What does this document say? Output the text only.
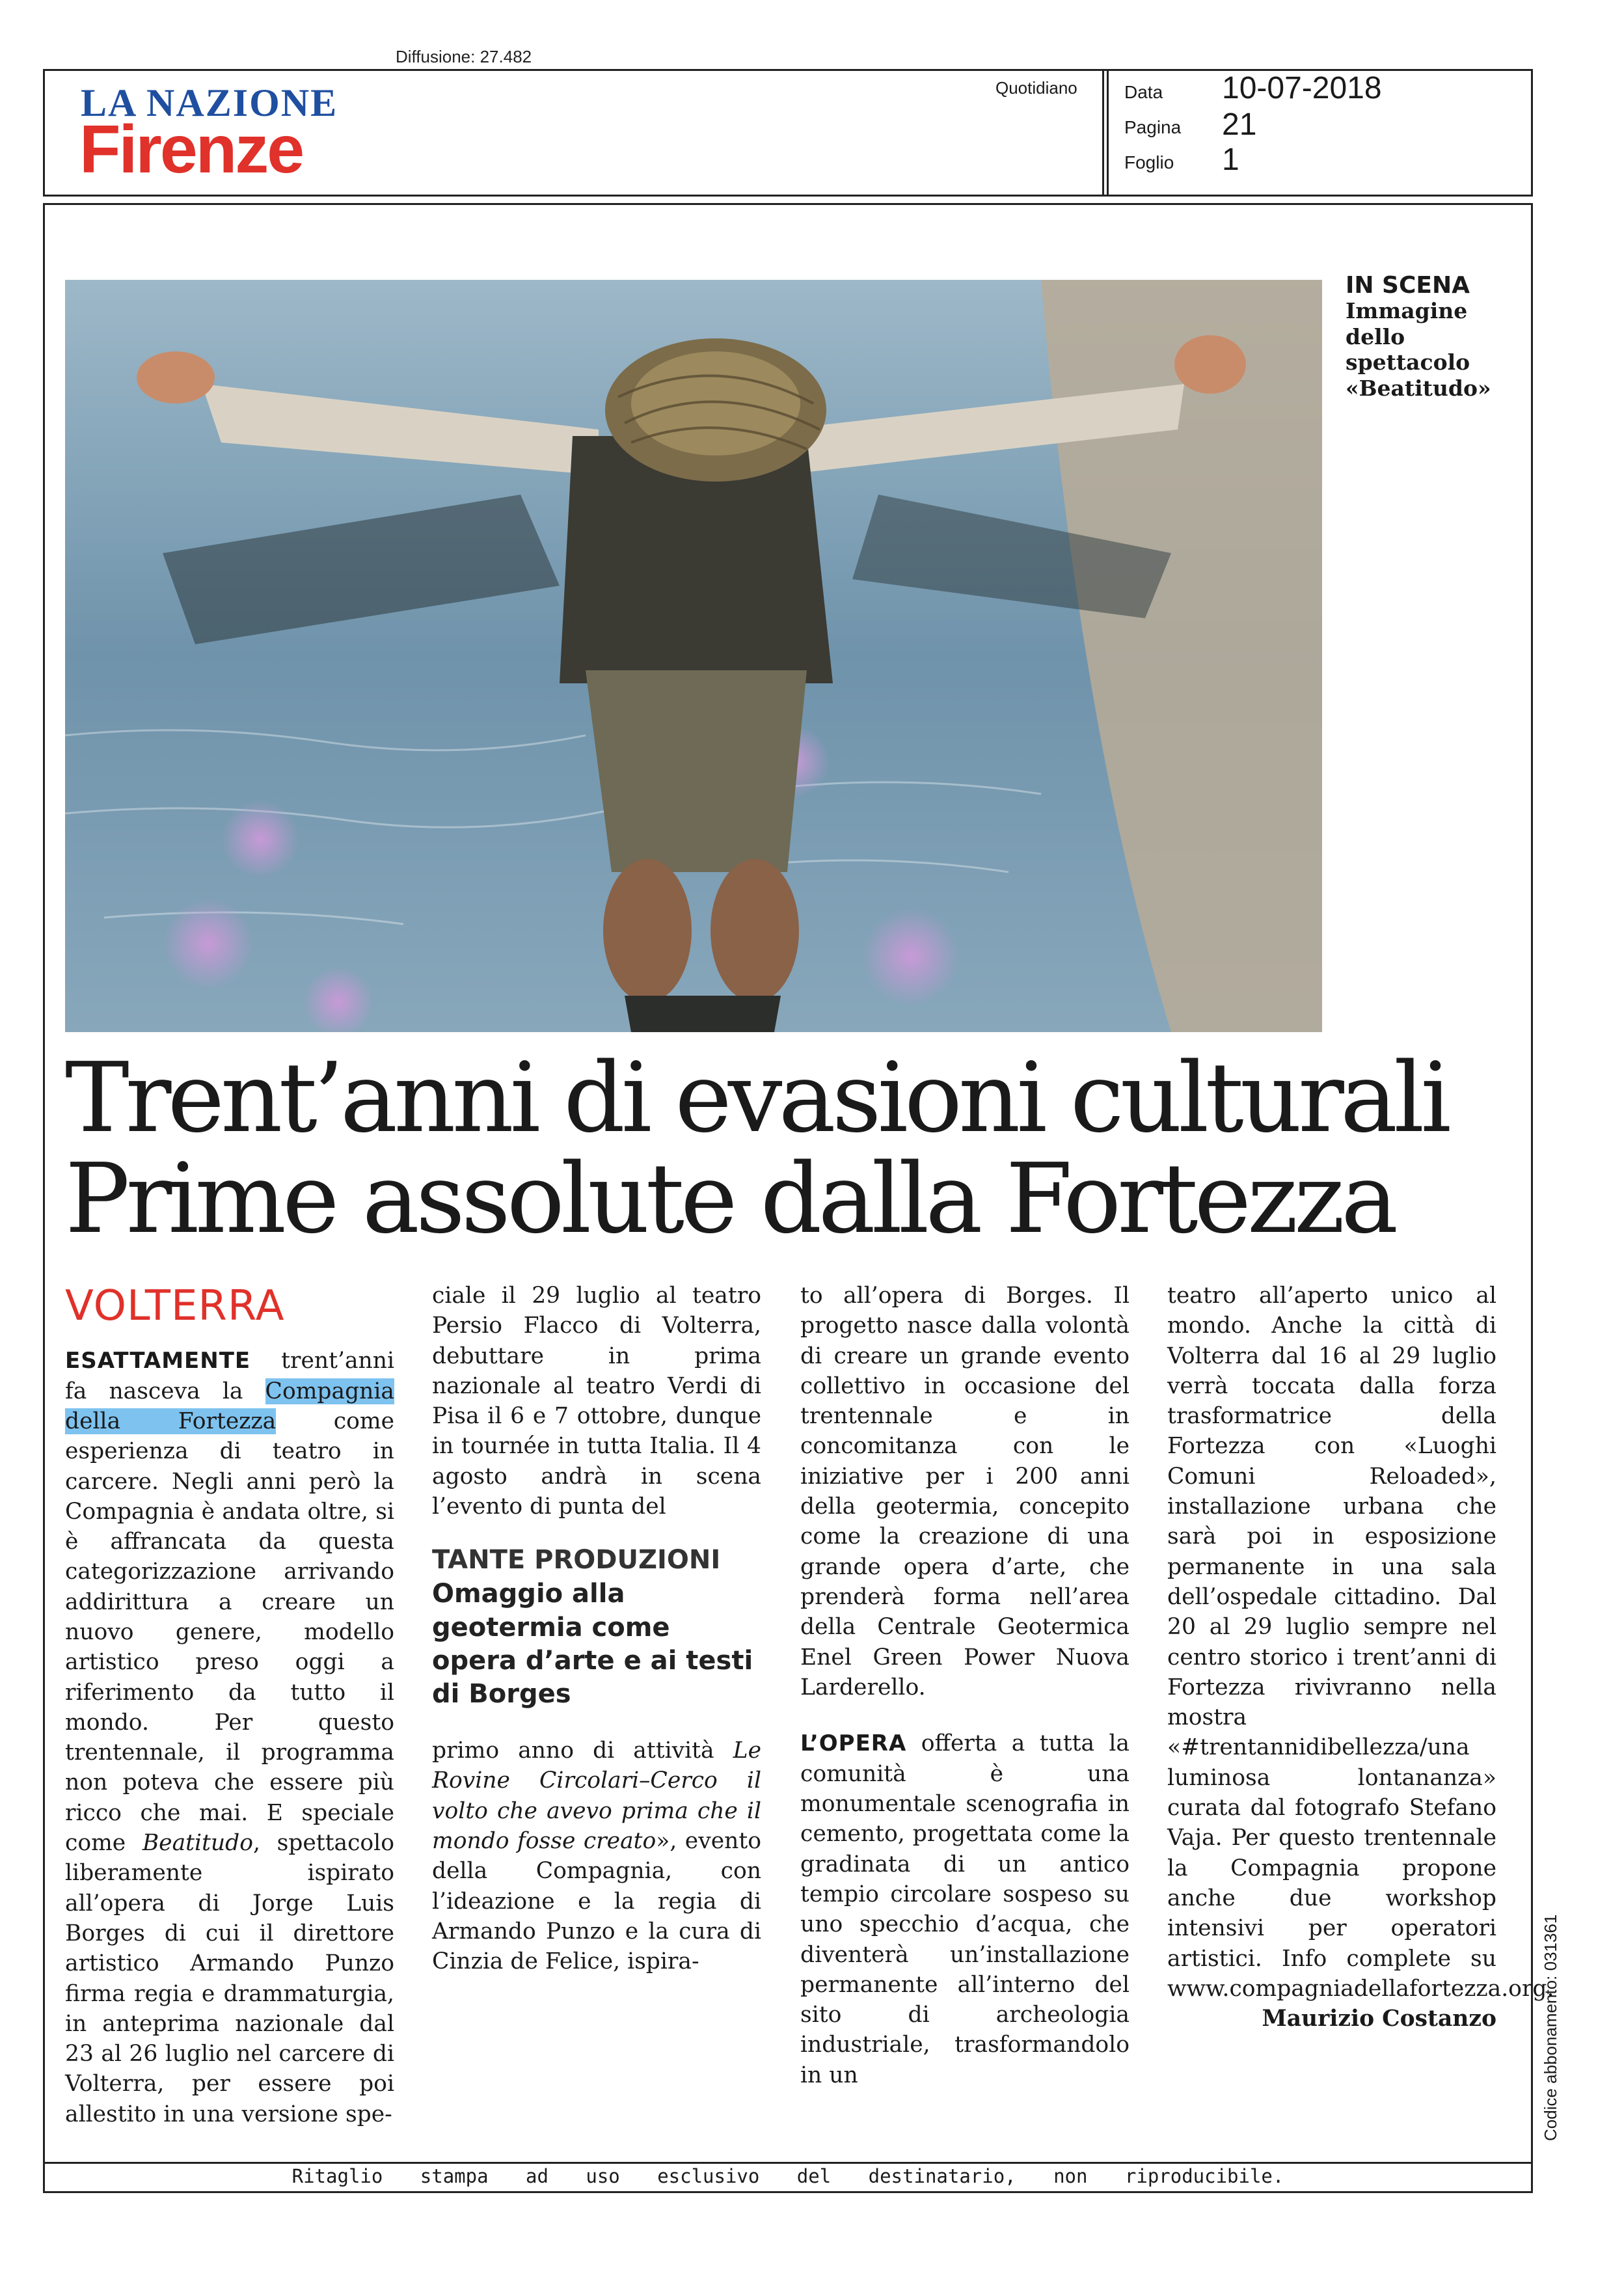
Diffusione: 27.482
LA NAZIONE
Firenze
Quotidiano	Data 10-07-2018
Pagina 21
Foglio 1
IN SCENA
Immagine dello spettacolo «Beatitudo»
Trent’anni di evasioni culturali
Prime assolute dalla Fortezza
VOLTERRA

ESATTAMENTE trent’anni fa nasceva la Compagnia della Fortezza come esperienza di teatro in carcere. Negli anni però la Compagnia è andata oltre, si è affrancata da questa categorizzazione arrivando addirittura a creare un nuovo genere, modello artistico preso oggi a riferimento da tutto il mondo. Per questo trentennale, il programma non poteva che essere più ricco che mai. E speciale come Beatitudo, spettacolo liberamente ispirato all’opera di Jorge Luis Borges di cui il direttore artistico Armando Punzo firma regia e drammaturgia, in anteprima nazionale dal 23 al 26 luglio nel carcere di Volterra, per essere poi allestito in una versione spe-

ciale il 29 luglio al teatro Persio Flacco di Volterra, debuttare in prima nazionale al teatro Verdi di Pisa il 6 e 7 ottobre, dunque in tournée in tutta Italia. Il 4 agosto andrà in scena l’evento di punta del

TANTE PRODUZIONI

Omaggio alla geotermia come opera d’arte e ai testi di Borges

primo anno di attività Le Rovine Circolari–Cerco il volto che avevo prima che il mondo fosse creato», evento della Compagnia, con l’ideazione e la regia di Armando Punzo e la cura di Cinzia de Felice, ispira-

to all’opera di Borges. Il progetto nasce dalla volontà di creare un grande evento collettivo in occasione del trentennale e in concomitanza con le iniziative per i 200 anni della geotermia, concepito come la creazione di una grande opera d’arte, che prenderà forma nell’area della Centrale Geotermica Enel Green Power Nuova Larderello.

L’OPERA offerta a tutta la comunità è una monumentale scenografia in cemento, progettata come la gradinata di un antico tempio circolare sospeso su uno specchio d’acqua, che diventerà un’installazione permanente all’interno del sito di archeologia industriale, trasformandolo in un

teatro all’aperto unico al mondo. Anche la città di Volterra dal 16 al 29 luglio verrà toccata dalla forza trasformatrice della Fortezza con «Luoghi Comuni Reloaded», installazione urbana che sarà poi in esposizione permanente in una sala dell’ospedale cittadino. Dal 20 al 29 luglio sempre nel centro storico i trent’anni di Fortezza rivivranno nella mostra «#trentannidibellezza/una luminosa lontananza» curata dal fotografo Stefano Vaja. Per questo trentennale la Compagnia propone anche due workshop intensivi per operatori artistici. Info complete su www.compagniadellafortezza.org.

Maurizio Costanzo

Ritaglio stampa ad uso esclusivo del destinatario, non riproducibile.
Codice abbonamento: 031361
